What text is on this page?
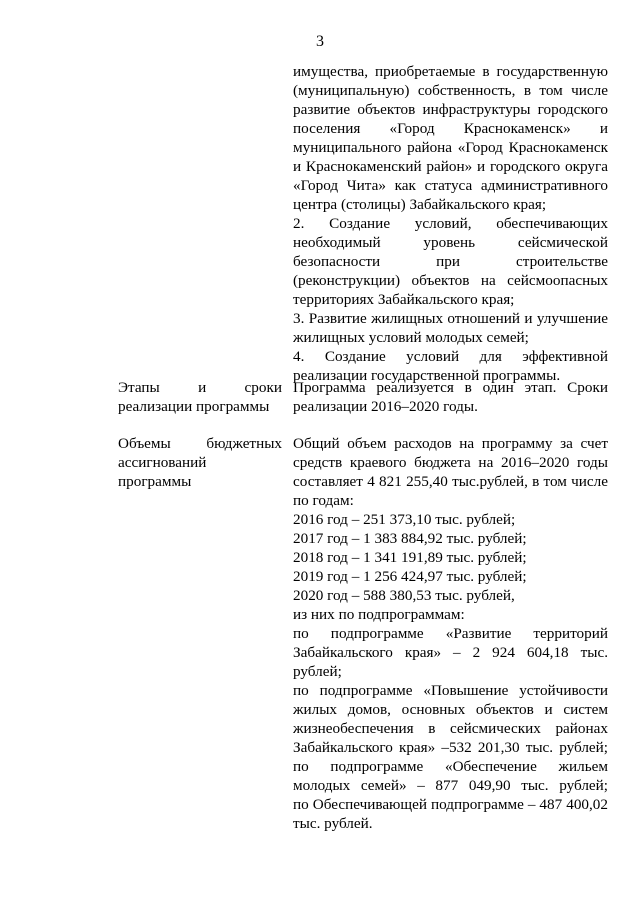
3
имущества, приобретаемые в государственную
(муниципальную) собственность, в том числе
развитие объектов инфраструктуры городского
поселения «Город Краснокаменск» и
муниципального района «Город Краснокаменск
и Краснокаменский район» и городского округа
«Город Чита» как статуса административного
центра (столицы) Забайкальского края;
2. Создание условий, обеспечивающих
необходимый уровень сейсмической
безопасности при строительстве
(реконструкции) объектов на сейсмоопасных
территориях Забайкальского края;
3. Развитие жилищных отношений и улучшение
жилищных условий молодых семей;
4. Создание условий для эффективной
реализации государственной программы.
Этапы и сроки
реализации программы
Программа реализуется в один этап. Сроки
реализации 2016–2020 годы.
Объемы бюджетных
ассигнований
программы
Общий объем расходов на программу за счет
средств краевого бюджета на 2016–2020 годы
составляет 4 821 255,40 тыс.рублей, в том числе
по годам:
2016 год – 251 373,10 тыс. рублей;
2017 год – 1 383 884,92 тыс. рублей;
2018 год – 1 341 191,89 тыс. рублей;
2019 год – 1 256 424,97 тыс. рублей;
2020 год – 588 380,53 тыс. рублей,
из них по подпрограммам:
по подпрограмме «Развитие территорий
Забайкальского края» – 2 924 604,18 тыс.
рублей;
по подпрограмме «Повышение устойчивости
жилых домов, основных объектов и систем
жизнеобеспечения в сейсмических районах
Забайкальского края» –532 201,30 тыс. рублей;
по подпрограмме «Обеспечение жильем
молодых семей» – 877 049,90 тыс. рублей;
по Обеспечивающей подпрограмме – 487 400,02
тыс. рублей.
